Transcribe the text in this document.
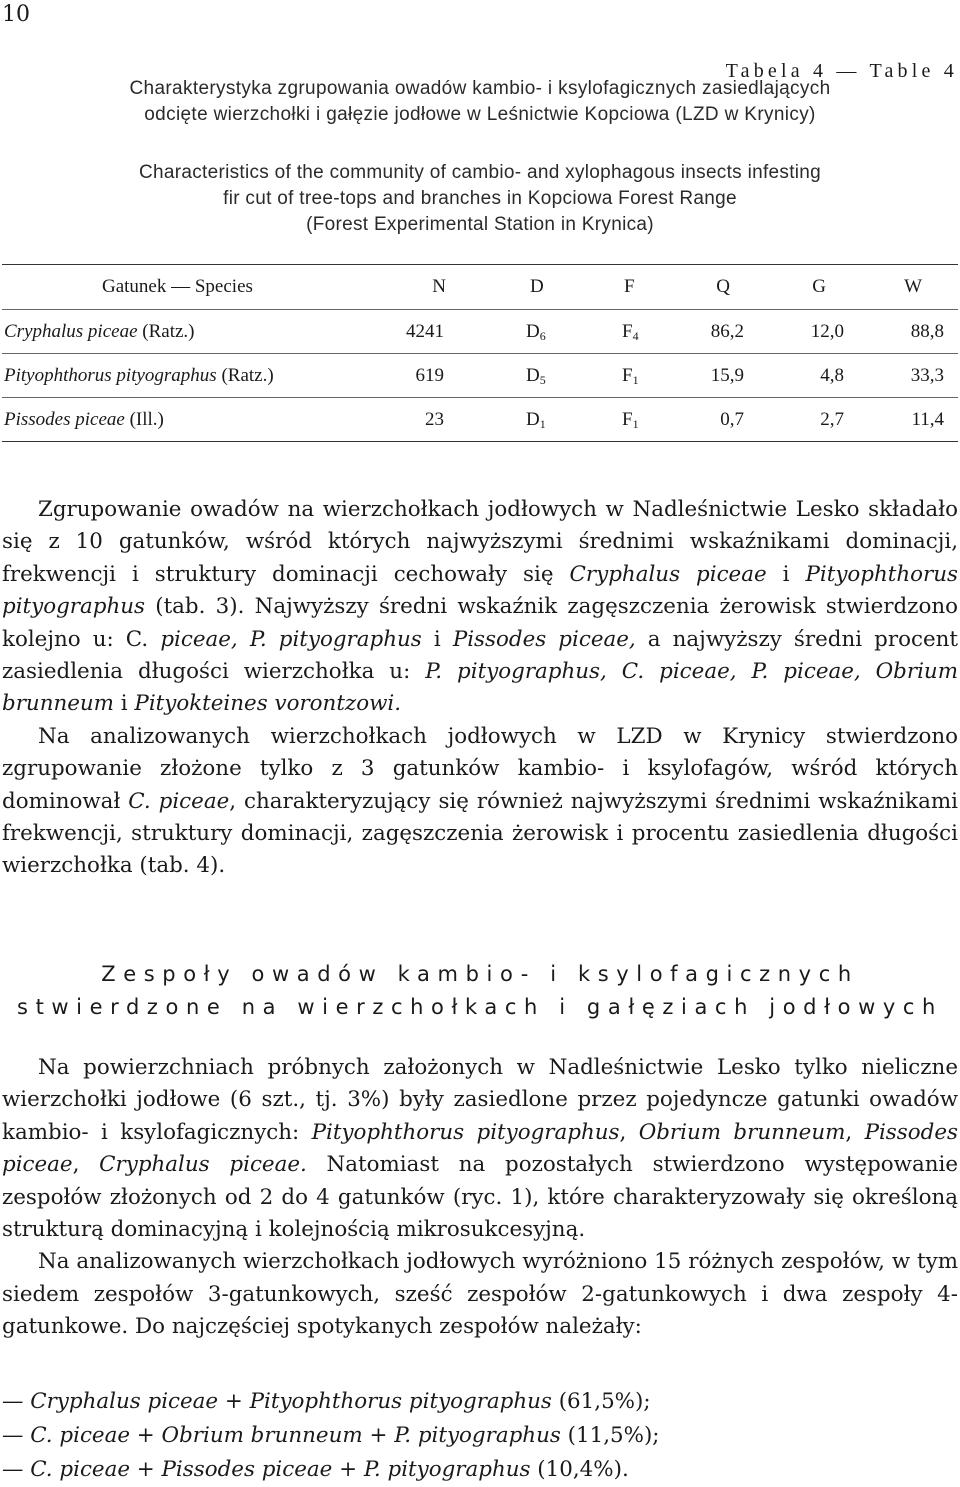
10
Tabela 4 — Table 4
Charakterystyka zgrupowania owadów kambio- i ksylofagicznych zasiedlających
odcięte wierzchołki i gałęzie jodłowe w Leśnictwie Kopciowa (LZD w Krynicy)
Characteristics of the community of cambio- and xylophagous insects infesting
fir cut of tree-tops and branches in Kopciowa Forest Range
(Forest Experimental Station in Krynica)
Gatunek — Species	N	D	F	Q	G	W
Cryphalus piceae (Ratz.)	4241	$D_6$	$F_4$	86,2	12,0	88,8
Pityophthorus pityographus (Ratz.)	619	$D_5$	$F_1$	15,9	4,8	33,3
Pissodes piceae (Ill.)	23	$D_1$	$F_1$	0,7	2,7	11,4

Zgrupowanie owadów na wierzchołkach jodłowych w Nadleśnictwie Lesko składało się z 10 gatunków, wśród których najwyższymi średnimi wskaźnikami dominacji, frekwencji i struktury dominacji cechowały się Cryphalus piceae i Pityophthorus pityographus (tab. 3). Najwyższy średni wskaźnik zagęszczenia żerowisk stwierdzono kolejno u: C. piceae, P. pityographus i Pissodes piceae, a najwyższy średni procent zasiedlenia długości wierzchołka u: P. pityographus, C. piceae, P. piceae, Obrium brunneum i Pityokteines vorontzowi.

Na analizowanych wierzchołkach jodłowych w LZD w Krynicy stwierdzono zgrupowanie złożone tylko z 3 gatunków kambio- i ksylofagów, wśród których dominował C. piceae, charakteryzujący się również najwyższymi średnimi wskaźnikami frekwencji, struktury dominacji, zagęszczenia żerowisk i procentu zasiedlenia długości wierzchołka (tab. 4).

Zespoły owadów kambio- i ksylofagicznych
stwierdzone na wierzchołkach i gałęziach jodłowych

Na powierzchniach próbnych założonych w Nadleśnictwie Lesko tylko nieliczne wierzchołki jodłowe (6 szt., tj. 3%) były zasiedlone przez pojedyncze gatunki owadów kambio- i ksylofagicznych: Pityophthorus pityographus, Obrium brunneum, Pissodes piceae, Cryphalus piceae. Natomiast na pozostałych stwierdzono występowanie zespołów złożonych od 2 do 4 gatunków (ryc. 1), które charakteryzowały się określoną strukturą dominacyjną i kolejnością mikrosukcesyjną.

Na analizowanych wierzchołkach jodłowych wyróżniono 15 różnych zespołów, w tym siedem zespołów 3-gatunkowych, sześć zespołów 2-gatunkowych i dwa zespoły 4-gatunkowe. Do najczęściej spotykanych zespołów należały:

— Cryphalus piceae + Pityophthorus pityographus (61,5%);
— C. piceae + Obrium brunneum + P. pityographus (11,5%);
— C. piceae + Pissodes piceae + P. pityographus (10,4%).
